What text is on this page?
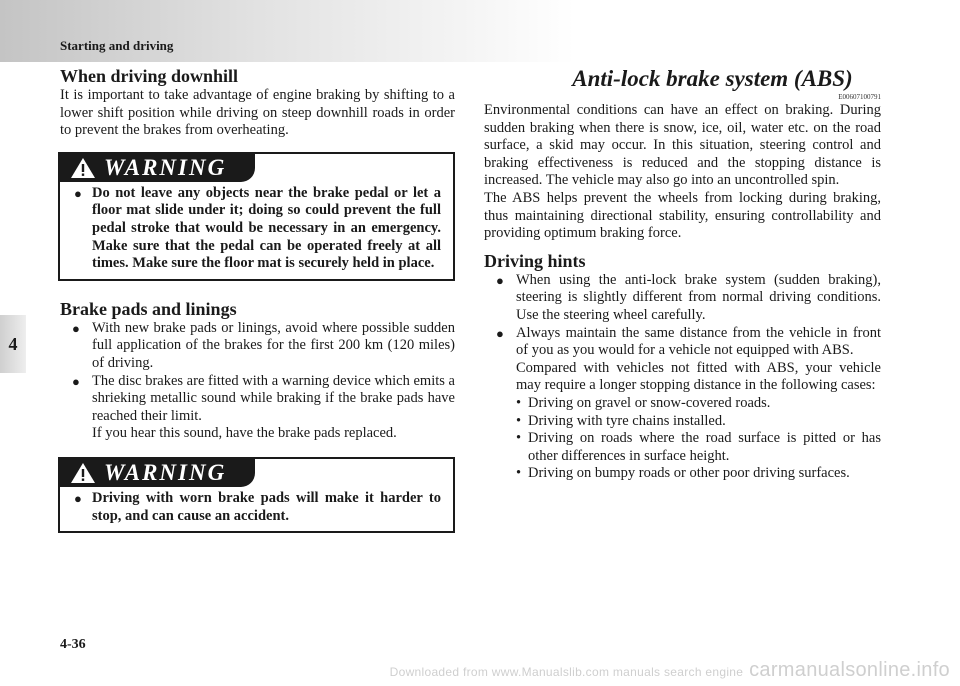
Starting and driving
4
When driving downhill

It is important to take advantage of engine braking by shifting to a lower shift position while driving on steep downhill roads in order to prevent the brakes from overheating.

WARNING
● Do not leave any objects near the brake pedal or let a floor mat slide under it; doing so could prevent the full pedal stroke that would be necessary in an emergency. Make sure that the pedal can be operated freely at all times. Make sure the floor mat is securely held in place.
Brake pads and linings
● With new brake pads or linings, avoid where possible sudden full application of the brakes for the first 200 km (120 miles) of driving.
● The disc brakes are fitted with a warning device which emits a shrieking metallic sound while braking if the brake pads have reached their limit.
If you hear this sound, have the brake pads replaced.
WARNING
● Driving with worn brake pads will make it harder to stop, and can cause an accident.
Anti-lock brake system (ABS)
E00607100791

Environmental conditions can have an effect on braking. During sudden braking when there is snow, ice, oil, water etc. on the road surface, a skid may occur. In this situation, steering control and braking effectiveness is reduced and the stopping distance is increased. The vehicle may also go into an uncontrolled spin.

The ABS helps prevent the wheels from locking during braking, thus maintaining directional stability, ensuring controllability and providing optimum braking force.

Driving hints
● When using the anti-lock brake system (sudden braking), steering is slightly different from normal driving conditions. Use the steering wheel carefully.
● Always maintain the same distance from the vehicle in front of you as you would for a vehicle not equipped with ABS.
Compared with vehicles not fitted with ABS, your vehicle may require a longer stopping distance in the following cases:
• Driving on gravel or snow-covered roads.
• Driving with tyre chains installed.
• Driving on roads where the road surface is pitted or has other differences in surface height.
• Driving on bumpy roads or other poor driving surfaces.
4-36
Downloaded from www.Manualslib.com manuals search engine carmanualsonline.info
